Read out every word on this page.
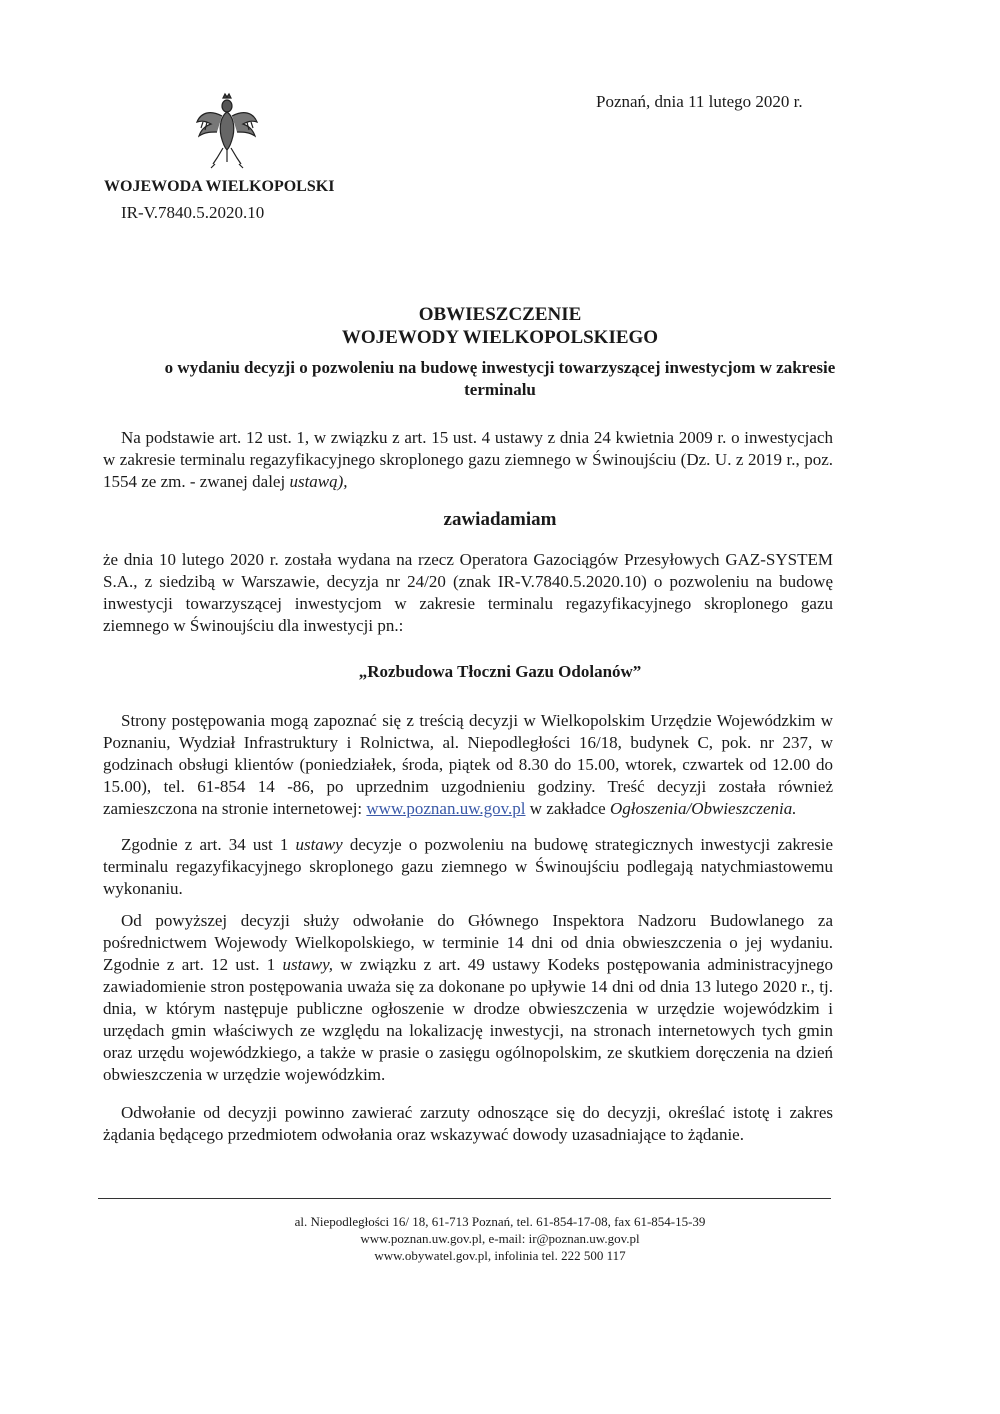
Poznań, dnia 11 lutego 2020 r.
WOJEWODA WIELKOPOLSKI
IR-V.7840.5.2020.10
OBWIESZCZENIE
WOJEWODY WIELKOPOLSKIEGO
o wydaniu decyzji o pozwoleniu na budowę inwestycji towarzyszącej inwestycjom w zakresie terminalu
Na podstawie art. 12 ust. 1, w związku z art. 15 ust. 4 ustawy z dnia 24 kwietnia 2009 r. o inwestycjach w zakresie terminalu regazyfikacyjnego skroplonego gazu ziemnego w Świnoujściu (Dz. U. z 2019 r., poz. 1554 ze zm. - zwanej dalej ustawą),
zawiadamiam
że dnia 10 lutego 2020 r. została wydana na rzecz Operatora Gazociągów Przesyłowych GAZ-SYSTEM S.A., z siedzibą w Warszawie, decyzja nr 24/20 (znak IR-V.7840.5.2020.10) o pozwoleniu na budowę inwestycji towarzyszącej inwestycjom w zakresie terminalu regazyfikacyjnego skroplonego gazu ziemnego w Świnoujściu dla inwestycji pn.:
„Rozbudowa Tłoczni Gazu Odolanów”
Strony postępowania mogą zapoznać się z treścią decyzji w Wielkopolskim Urzędzie Wojewódzkim w Poznaniu, Wydział Infrastruktury i Rolnictwa, al. Niepodległości 16/18, budynek C, pok. nr 237, w godzinach obsługi klientów (poniedziałek, środa, piątek od 8.30 do 15.00, wtorek, czwartek od 12.00 do 15.00), tel. 61-854 14 -86, po uprzednim uzgodnieniu godziny. Treść decyzji została również zamieszczona na stronie internetowej: www.poznan.uw.gov.pl w zakładce Ogłoszenia/Obwieszczenia.
Zgodnie z art. 34 ust 1 ustawy decyzje o pozwoleniu na budowę strategicznych inwestycji zakresie terminalu regazyfikacyjnego skroplonego gazu ziemnego w Świnoujściu podlegają natychmiastowemu wykonaniu.
Od powyższej decyzji służy odwołanie do Głównego Inspektora Nadzoru Budowlanego za pośrednictwem Wojewody Wielkopolskiego, w terminie 14 dni od dnia obwieszczenia o jej wydaniu. Zgodnie z art. 12 ust. 1 ustawy, w związku z art. 49 ustawy Kodeks postępowania administracyjnego zawiadomienie stron postępowania uważa się za dokonane po upływie 14 dni od dnia 13 lutego 2020 r., tj. dnia, w którym następuje publiczne ogłoszenie w drodze obwieszczenia w urzędzie wojewódzkim i urzędach gmin właściwych ze względu na lokalizację inwestycji, na stronach internetowych tych gmin oraz urzędu wojewódzkiego, a także w prasie o zasięgu ogólnopolskim, ze skutkiem doręczenia na dzień obwieszczenia w urzędzie wojewódzkim.
Odwołanie od decyzji powinno zawierać zarzuty odnoszące się do decyzji, określać istotę i zakres żądania będącego przedmiotem odwołania oraz wskazywać dowody uzasadniające to żądanie.
al. Niepodległości 16/ 18, 61-713 Poznań, tel. 61-854-17-08, fax 61-854-15-39
www.poznan.uw.gov.pl, e-mail: ir@poznan.uw.gov.pl
www.obywatel.gov.pl, infolinia tel. 222 500 117
